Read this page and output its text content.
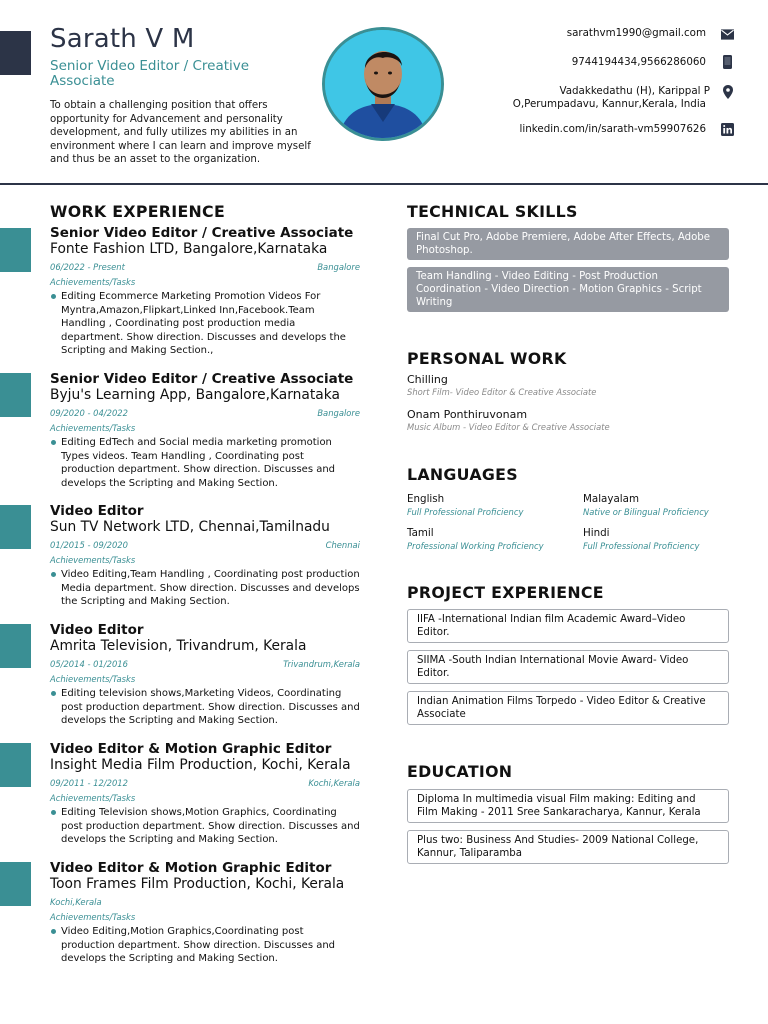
Sarath V M
Senior Video Editor / Creative Associate
To obtain a challenging position that offers opportunity for Advancement and personality development, and fully utilizes my abilities in an environment where I can learn and improve myself and thus be an asset to the organization.
sarathvm1990@gmail.com
9744194434,9566286060
Vadakkedathu (H), Karippal P
O,Perumpadavu, Kannur,Kerala, India
linkedin.com/in/sarath-vm59907626
WORK EXPERIENCE
Senior Video Editor / Creative Associate
Fonte Fashion LTD, Bangalore,Karnataka
06/2022 - Present	Bangalore
Achievements/Tasks
Editing Ecommerce Marketing Promotion Videos For Myntra,Amazon,Flipkart,Linked Inn,Facebook.Team Handling , Coordinating post production media department. Show direction. Discusses and develops the Scripting and Making Section.,
Senior Video Editor / Creative Associate
Byju's Learning App, Bangalore,Karnataka
09/2020 - 04/2022	Bangalore
Achievements/Tasks
Editing EdTech and Social media marketing promotion Types videos. Team Handling , Coordinating post production department. Show direction. Discusses and develops the Scripting and Making Section.
Video Editor
Sun TV Network LTD, Chennai,Tamilnadu
01/2015 - 09/2020	Chennai
Achievements/Tasks
Video Editing,Team Handling , Coordinating post production Media department. Show direction. Discusses and develops the Scripting and Making Section.
Video Editor
Amrita Television, Trivandrum, Kerala
05/2014 - 01/2016	Trivandrum,Kerala
Achievements/Tasks
Editing television shows,Marketing Videos, Coordinating post production department. Show direction. Discusses and develops the Scripting and Making Section.
Video Editor & Motion Graphic Editor
Insight Media Film Production, Kochi, Kerala
09/2011 - 12/2012	Kochi,Kerala
Achievements/Tasks
Editing Television shows,Motion Graphics, Coordinating post production department. Show direction. Discusses and develops the Scripting and Making Section.
Video Editor & Motion Graphic Editor
Toon Frames Film Production, Kochi, Kerala
Kochi,Kerala
Achievements/Tasks
Video Editing,Motion Graphics,Coordinating post production department. Show direction. Discusses and develops the Scripting and Making Section.
TECHNICAL SKILLS
Final Cut Pro, Adobe Premiere, Adobe After Effects, Adobe Photoshop.
Team Handling - Video Editing - Post Production Coordination - Video Direction - Motion Graphics - Script Writing
PERSONAL WORK
Chilling
Short Film- Video Editor & Creative Associate
Onam Ponthiruvonam
Music Album - Video Editor & Creative Associate
LANGUAGES
English
Full Professional Proficiency
Malayalam
Native or Bilingual Proficiency
Tamil
Professional Working Proficiency
Hindi
Full Professional Proficiency
PROJECT EXPERIENCE
IIFA -International Indian film Academic Award–Video Editor.
SIIMA -South Indian International Movie Award- Video Editor.
Indian Animation Films Torpedo - Video Editor & Creative Associate
EDUCATION
Diploma In multimedia visual Film making: Editing and Film Making - 2011 Sree Sankaracharya, Kannur, Kerala
Plus two: Business And Studies- 2009 National College, Kannur, Taliparamba
